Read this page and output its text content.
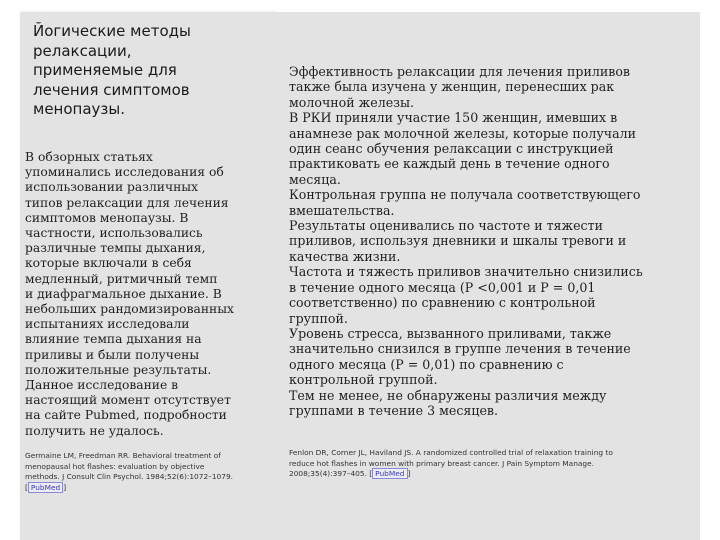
Йогические методы
релаксации,
применяемые для
лечения симптомов
менопаузы.
В обзорных статьях
упоминались исследования об
использовании различных
типов релаксации для лечения
симптомов менопаузы. В
частности, использовались
различные темпы дыхания,
которые включали в себя
медленный, ритмичный темп
и диафрагмальное дыхание. В
небольших рандомизированных
испытаниях исследовали
влияние темпа дыхания на
приливы и были получены
положительные результаты.
Данное исследование в
настоящий момент отсутствует
на сайте Pubmed, подробности
получить не удалось.
Germaine LM, Freedman RR. Behavioral treatment of
menopausal hot flashes: evaluation by objective
methods. J Consult Clin Psychol. 1984;52(6):1072–1079.
[ PubMed ]
Эффективность релаксации для лечения приливов
также была изучена у женщин, перенесших рак
молочной железы.
В РКИ приняли участие 150 женщин, имевших в
анамнезе рак молочной железы, которые получали
один сеанс обучения релаксации с инструкцией
практиковать ее каждый день в течение одного
месяца.
Контрольная группа не получала соответствующего
вмешательства.
Результаты оценивались по частоте и тяжести
приливов, используя дневники и шкалы тревоги и
качества жизни.
Частота и тяжесть приливов значительно снизились
в течение одного месяца (P <0,001 и P = 0,01
соответственно) по сравнению с контрольной
группой.
Уровень стресса, вызванного приливами, также
значительно снизился в группе лечения в течение
одного месяца (P = 0,01) по сравнению с
контрольной группой.
Тем не менее, не обнаружены различия между
группами в течение 3 месяцев.
Fenlon DR, Corner JL, Haviland JS. A randomized controlled trial of relaxation training to
reduce hot flashes in women with primary breast cancer. J Pain Symptom Manage.
2008;35(4):397–405. [ PubMed ]
